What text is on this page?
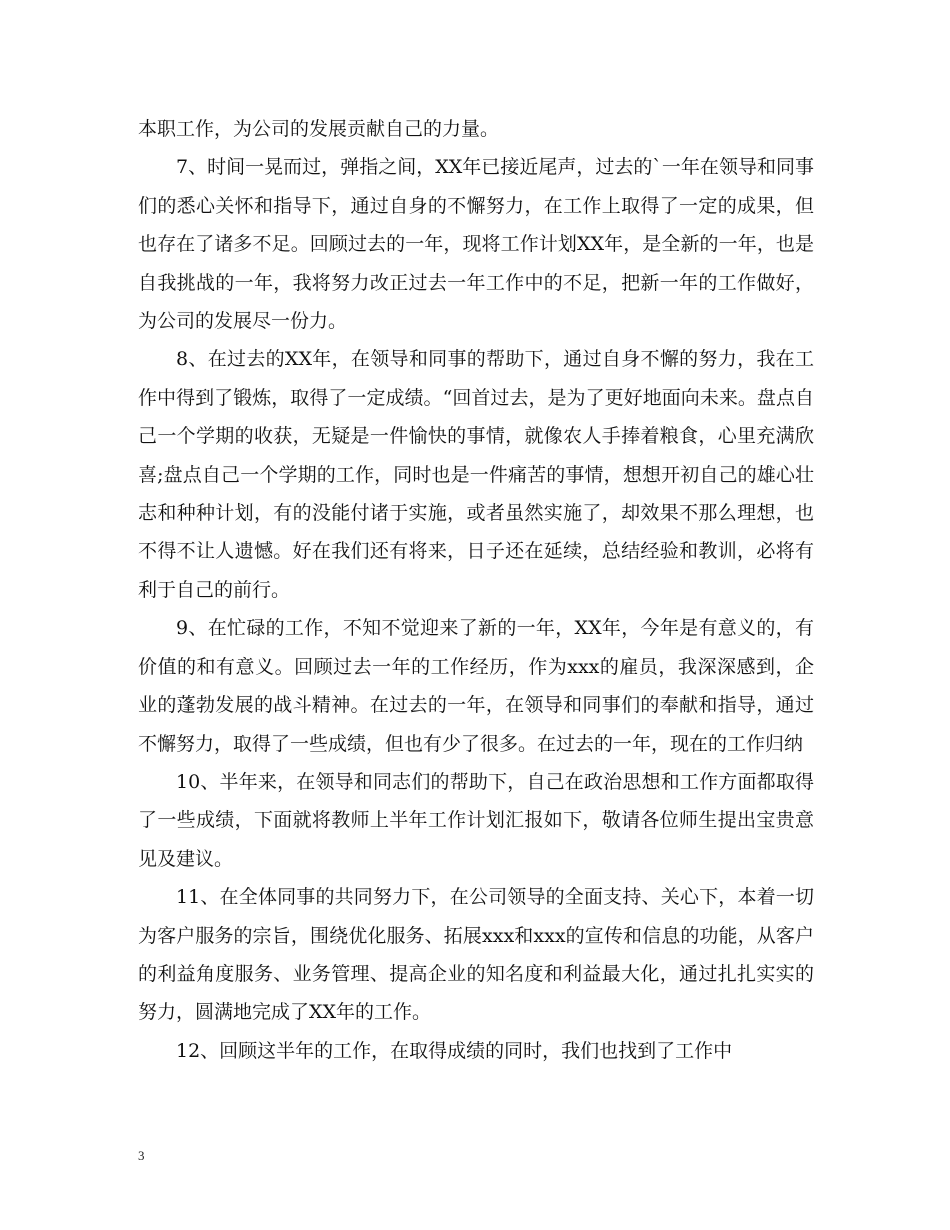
本职工作，为公司的发展贡献自己的力量。

7、时间一晃而过，弹指之间，XX年已接近尾声，过去的`一年在领导和同事们的悉心关怀和指导下，通过自身的不懈努力，在工作上取得了一定的成果，但也存在了诸多不足。回顾过去的一年，现将工作计划XX年，是全新的一年，也是自我挑战的一年，我将努力改正过去一年工作中的不足，把新一年的工作做好，为公司的发展尽一份力。

8、在过去的XX年，在领导和同事的帮助下，通过自身不懈的努力，我在工作中得到了锻炼，取得了一定成绩。“回首过去，是为了更好地面向未来。盘点自己一个学期的收获，无疑是一件愉快的事情，就像农人手捧着粮食，心里充满欣喜;盘点自己一个学期的工作，同时也是一件痛苦的事情，想想开初自己的雄心壮志和种种计划，有的没能付诸于实施，或者虽然实施了，却效果不那么理想，也不得不让人遗憾。好在我们还有将来，日子还在延续，总结经验和教训，必将有利于自己的前行。

9、在忙碌的工作，不知不觉迎来了新的一年，XX年，今年是有意义的，有价值的和有意义。回顾过去一年的工作经历，作为xxx的雇员，我深深感到，企业的蓬勃发展的战斗精神。在过去的一年，在领导和同事们的奉献和指导，通过不懈努力，取得了一些成绩，但也有少了很多。在过去的一年，现在的工作归纳

10、半年来，在领导和同志们的帮助下，自己在政治思想和工作方面都取得了一些成绩，下面就将教师上半年工作计划汇报如下，敬请各位师生提出宝贵意见及建议。

11、在全体同事的共同努力下，在公司领导的全面支持、关心下，本着一切为客户服务的宗旨，围绕优化服务、拓展xxx和xxx的宣传和信息的功能，从客户的利益角度服务、业务管理、提高企业的知名度和利益最大化，通过扎扎实实的努力，圆满地完成了XX年的工作。

12、回顾这半年的工作，在取得成绩的同时，我们也找到了工作中

3
